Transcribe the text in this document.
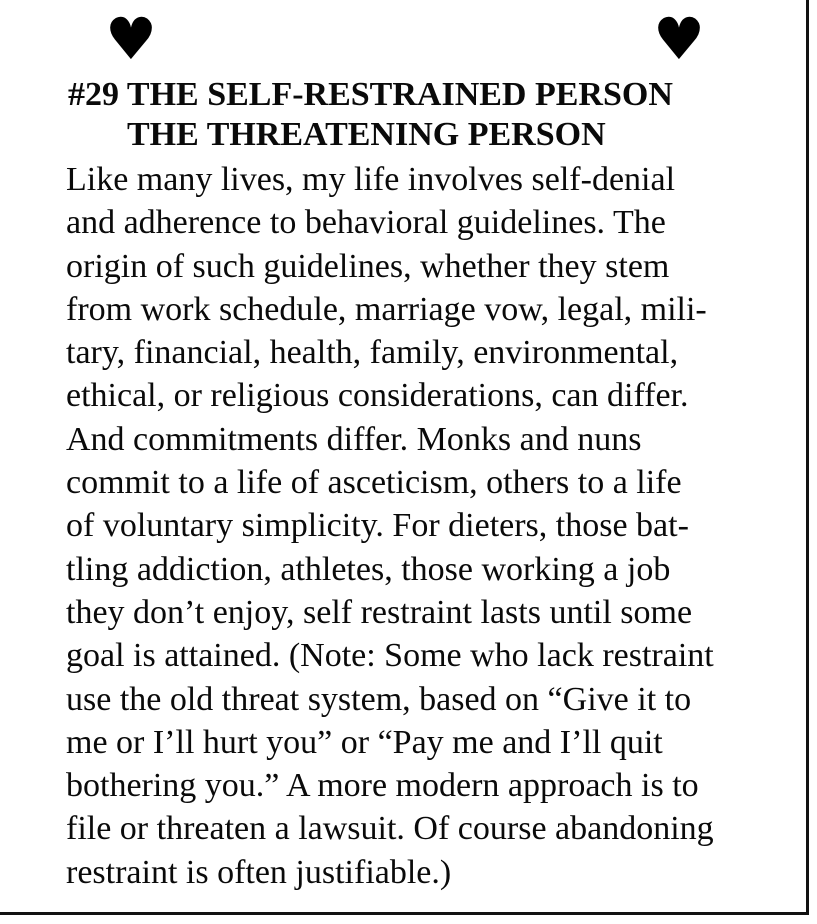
♥	♥
#29 THE SELF-RESTRAINED PERSON
THE THREATENING PERSON
Like many lives, my life involves self-denial
and adherence to behavioral guidelines. The
origin of such guidelines, whether they stem
from work schedule, marriage vow, legal, mili-
tary, financial, health, family, environmental,
ethical, or religious considerations, can differ.
And commitments differ. Monks and nuns
commit to a life of asceticism, others to a life
of voluntary simplicity. For dieters, those bat-
tling addiction, athletes, those working a job
they don’t enjoy, self restraint lasts until some
goal is attained. (Note: Some who lack restraint
use the old threat system, based on “Give it to
me or I’ll hurt you” or “Pay me and I’ll quit
bothering you.” A more modern approach is to
file or threaten a lawsuit. Of course abandoning
restraint is often justifiable.)
